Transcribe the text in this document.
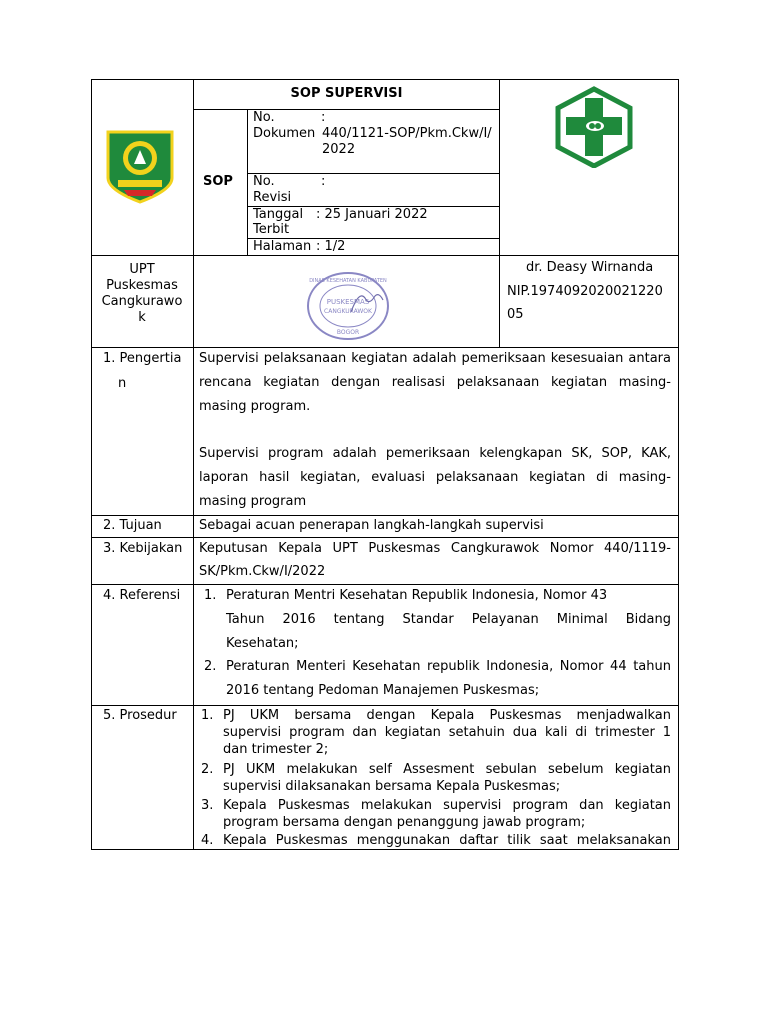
SOP SUPERVISI
SOP
No.
Dokumen
:
440/1121-SOP/Pkm.Ckw/I/
2022
No.
Revisi
:
Tanggal
Terbit
: 25 Januari 2022
Halaman : 1/2
UPT
Puskesmas
Cangkurawo
k
DINAS KESEHATAN KABUPATEN
PUSKESMAS
CANGKURAWOK
BOGOR
dr. Deasy Wirnanda
NIP.1974092020021220
05
1. Pengertia
n
Supervisi pelaksanaan kegiatan adalah pemeriksaan kesesuaian antara
rencana kegiatan dengan realisasi pelaksanaan kegiatan masing-
masing program.
Supervisi program adalah pemeriksaan kelengkapan SK, SOP, KAK,
laporan hasil kegiatan, evaluasi pelaksanaan kegiatan di masing-
masing program
2. Tujuan	Sebagai acuan penerapan langkah-langkah supervisi
3. Kebijakan Keputusan Kepala UPT Puskesmas Cangkurawok Nomor 440/1119-
SK/Pkm.Ckw/I/2022
4. Referensi 1. Peraturan Mentri Kesehatan Republik Indonesia, Nomor 43
Tahun 2016 tentang Standar Pelayanan Minimal Bidang
Kesehatan;
2. Peraturan Menteri Kesehatan republik Indonesia, Nomor 44 tahun
2016 tentang Pedoman Manajemen Puskesmas;
5. Prosedur 1. PJ UKM bersama dengan Kepala Puskesmas menjadwalkan
supervisi program dan kegiatan setahuin dua kali di trimester 1
dan trimester 2;
2. PJ UKM melakukan self Assesment sebulan sebelum kegiatan
supervisi dilaksanakan bersama Kepala Puskesmas;
3. Kepala Puskesmas melakukan supervisi program dan kegiatan
program bersama dengan penanggung jawab program;
4. Kepala Puskesmas menggunakan daftar tilik saat melaksanakan
